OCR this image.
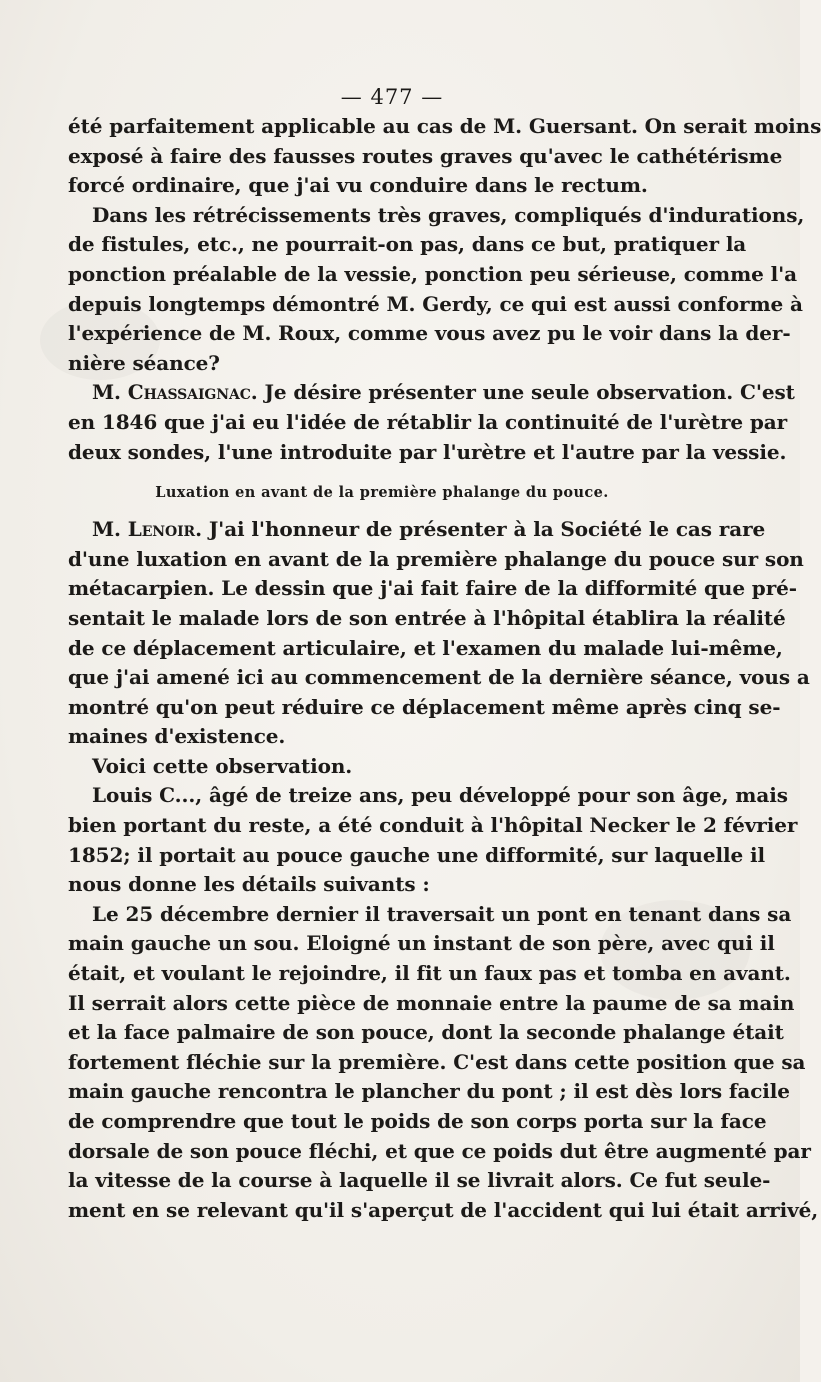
— 477 —
été parfaitement applicable au cas de M. Guersant. On serait moins
exposé à faire des fausses routes graves qu'avec le cathétérisme
forcé ordinaire, que j'ai vu conduire dans le rectum.
Dans les rétrécissements très graves, compliqués d'indurations,
de fistules, etc., ne pourrait-on pas, dans ce but, pratiquer la
ponction préalable de la vessie, ponction peu sérieuse, comme l'a
depuis longtemps démontré M. Gerdy, ce qui est aussi conforme à
l'expérience de M. Roux, comme vous avez pu le voir dans la der-
nière séance?
M. Chassaignac. Je désire présenter une seule observation. C'est
en 1846 que j'ai eu l'idée de rétablir la continuité de l'urètre par
deux sondes, l'une introduite par l'urètre et l'autre par la vessie.
Luxation en avant de la première phalange du pouce.
M. Lenoir. J'ai l'honneur de présenter à la Société le cas rare
d'une luxation en avant de la première phalange du pouce sur son
métacarpien. Le dessin que j'ai fait faire de la difformité que pré-
sentait le malade lors de son entrée à l'hôpital établira la réalité
de ce déplacement articulaire, et l'examen du malade lui-même,
que j'ai amené ici au commencement de la dernière séance, vous a
montré qu'on peut réduire ce déplacement même après cinq se-
maines d'existence.
Voici cette observation.
Louis C..., âgé de treize ans, peu développé pour son âge, mais
bien portant du reste, a été conduit à l'hôpital Necker le 2 février
1852; il portait au pouce gauche une difformité, sur laquelle il
nous donne les détails suivants :
Le 25 décembre dernier il traversait un pont en tenant dans sa
main gauche un sou. Eloigné un instant de son père, avec qui il
était, et voulant le rejoindre, il fit un faux pas et tomba en avant.
Il serrait alors cette pièce de monnaie entre la paume de sa main
et la face palmaire de son pouce, dont la seconde phalange était
fortement fléchie sur la première. C'est dans cette position que sa
main gauche rencontra le plancher du pont ; il est dès lors facile
de comprendre que tout le poids de son corps porta sur la face
dorsale de son pouce fléchi, et que ce poids dut être augmenté par
la vitesse de la course à laquelle il se livrait alors. Ce fut seule-
ment en se relevant qu'il s'aperçut de l'accident qui lui était arrivé,
